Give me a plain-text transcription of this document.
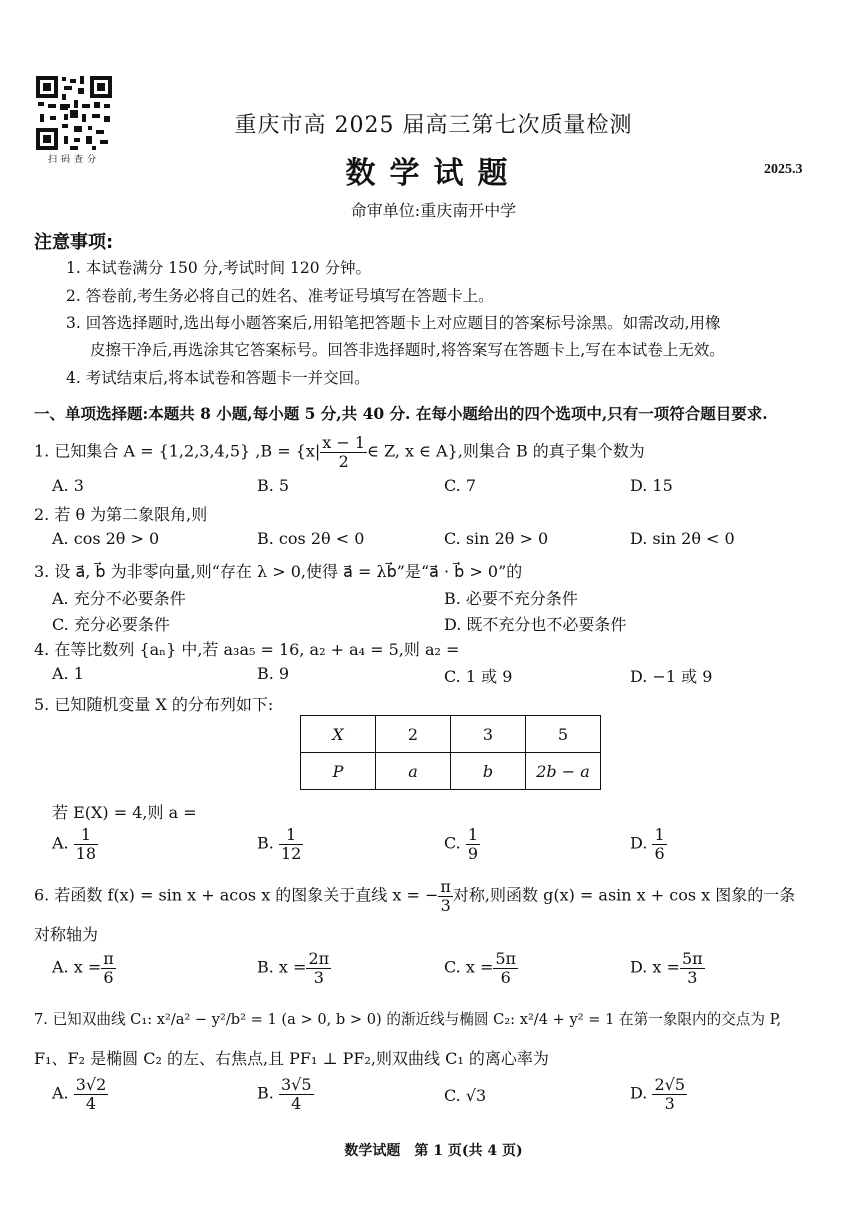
扫码查分
重庆市高 2025 届高三第七次质量检测
数学试题	2025.3
命审单位:重庆南开中学
注意事项:
1. 本试卷满分 150 分,考试时间 120 分钟。
2. 答卷前,考生务必将自己的姓名、准考证号填写在答题卡上。
3. 回答选择题时,选出每小题答案后,用铅笔把答题卡上对应题目的答案标号涂黑。如需改动,用橡
皮擦干净后,再选涂其它答案标号。回答非选择题时,将答案写在答题卡上,写在本试卷上无效。
4. 考试结束后,将本试卷和答题卡一并交回。
一、单项选择题:本题共 8 小题,每小题 5 分,共 40 分. 在每小题给出的四个选项中,只有一项符合题目要求.
1. 已知集合 A = {1,2,3,4,5} $,B = \{x| \frac{x - 1}{2}$ ∈ Z, x ∈ A},则集合 B 的真子集个数为
A. 3	B. 5	C. 7	D. 15
2. 若 θ 为第二象限角,则
A. cos 2θ > 0	B. cos 2θ < 0	C. sin 2θ > 0	D. sin 2θ < 0
3. 设 a⃗, b⃗ 为非零向量,则“存在 λ > 0,使得 a⃗ = λb⃗”是“a⃗ · b⃗ > 0”的
A. 充分不必要条件	B. 必要不充分条件
C. 充分必要条件	D. 既不充分也不必要条件
4. 在等比数列 {aₙ} 中,若 a₃a₅ = 16, a₂ + a₄ = 5,则 a₂ =
A. 1	B. 9	C. 1 或 9	D. −1 或 9
5. 已知随机变量 X 的分布列如下:
X	2	3	5
P	a	b	2b − a
若 E(X) = 4,则 a =
A. $\frac{1}{18}$	B. $\frac{1}{12}$	C. $\frac{1}{9}$	D. $\frac{1}{6}$
6. 若函数 f(x) = sin x + acos x 的图象关于直线 x = − $\frac{\pi}{3}$ 对称,则函数 g(x) = asin x + cos x 图象的一条
对称轴为
A. $x = \frac{\pi}{6}$	B. $x = \frac{2\pi}{3}$	C. $x = \frac{5\pi}{6}$	D. $x = \frac{5\pi}{3}$
7. 已知双曲线 C₁: x²/a² − y²/b² = 1 (a > 0, b > 0) 的渐近线与椭圆 C₂: x²/4 + y² = 1 在第一象限内的交点为 P,
F₁、F₂ 是椭圆 C₂ 的左、右焦点,且 PF₁ ⊥ PF₂,则双曲线 C₁ 的离心率为
A. $\frac{3√2}{4}$	B. $\frac{3√5}{4}$	C. √3	D. $\frac{2√5}{3}$
数学试题　第 1 页(共 4 页)
